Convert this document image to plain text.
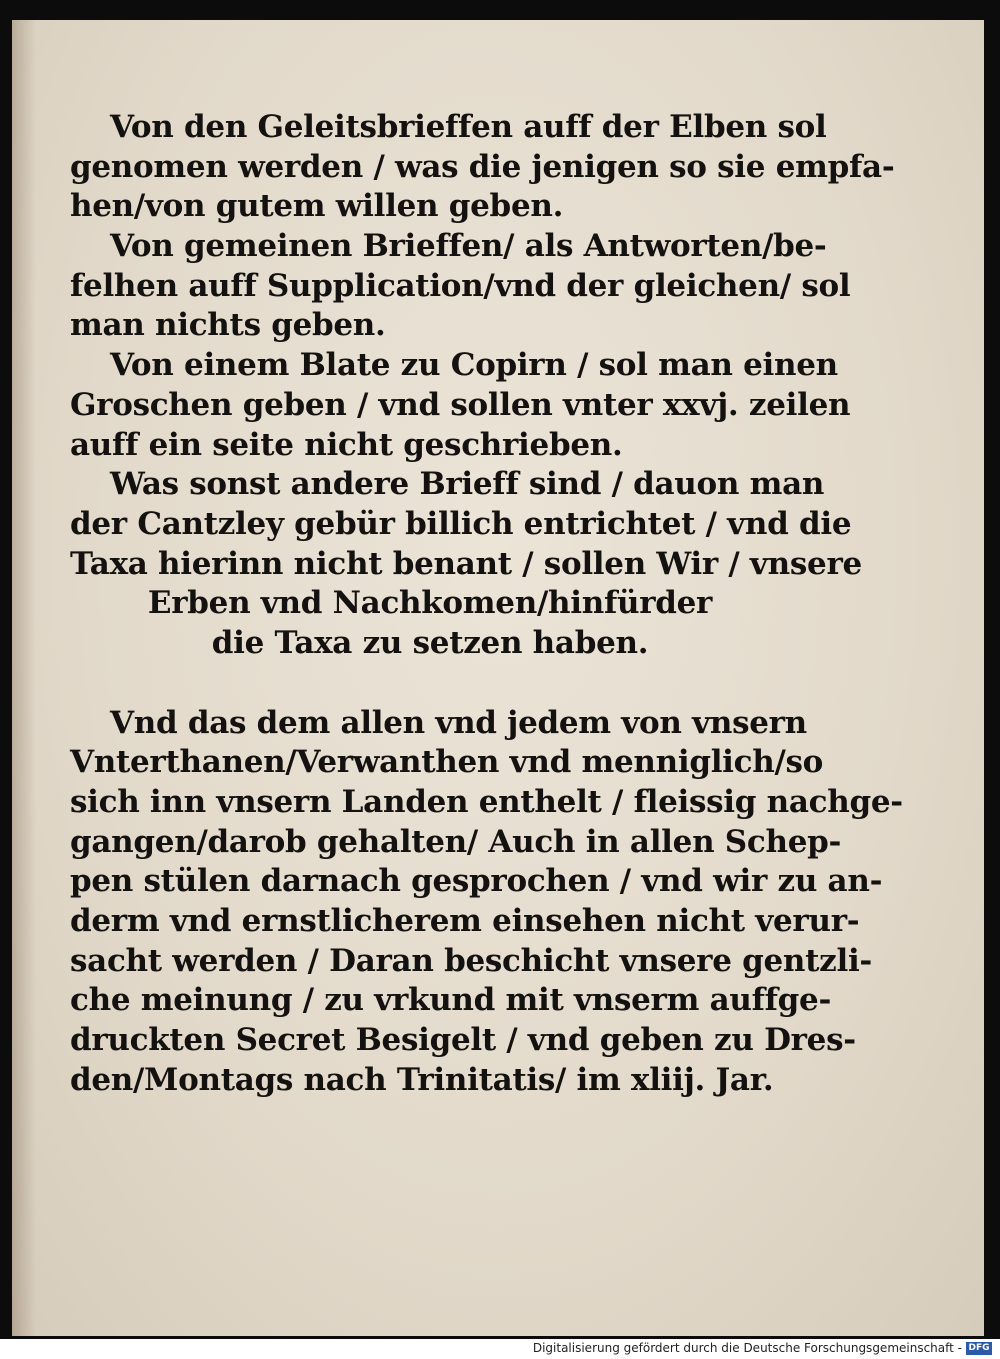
Von den Geleitsbrieffen auff der Elben sol
genomen werden / was die jenigen so sie empfa-
hen/von gutem willen geben.
Von gemeinen Brieffen/ als Antworten/be-
felhen auff Supplication/vnd der gleichen/ sol
man nichts geben.
Von einem Blate zu Copirn / sol man einen
Groschen geben / vnd sollen vnter xxvj. zeilen
auff ein seite nicht geschrieben.
Was sonst andere Brieff sind / dauon man
der Cantzley gebür billich entrichtet / vnd die
Taxa hierinn nicht benant / sollen Wir / vnsere
Erben vnd Nachkomen/hinfürder
die Taxa zu setzen haben.
Vnd das dem allen vnd jedem von vnsern
Vnterthanen/Verwanthen vnd menniglich/so
sich inn vnsern Landen enthelt / fleissig nachge-
gangen/darob gehalten/ Auch in allen Schep-
pen stülen darnach gesprochen / vnd wir zu an-
derm vnd ernstlicherem einsehen nicht verur-
sacht werden / Daran beschicht vnsere gentzli-
che meinung / zu vrkund mit vnserm auffge-
druckten Secret Besigelt / vnd geben zu Dres-
den/Montags nach Trinitatis/ im xliij. Jar.
Digitalisierung gefördert durch die Deutsche Forschungsgemeinschaft - DFG
